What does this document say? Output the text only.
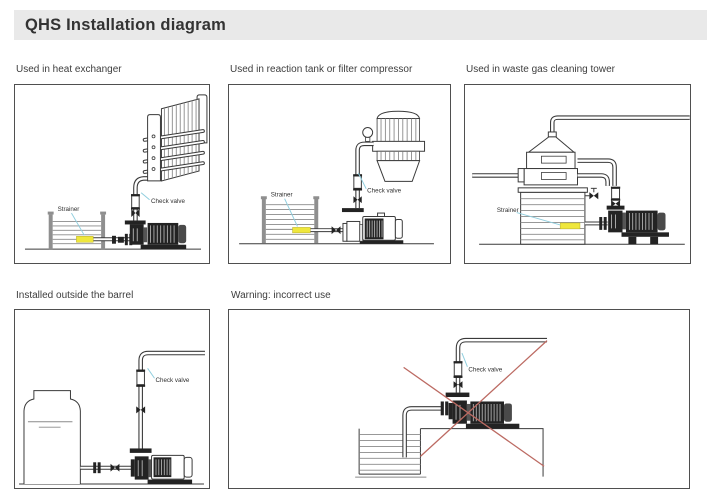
QHS Installation diagram
Used in heat exchanger	Used in reaction tank or filter compressor	Used in waste gas cleaning tower
Installed outside the barrel	Warning: incorrect use
Strainer
Check valve
Strainer
Check valve
Strainer
Check valve
Check valve
